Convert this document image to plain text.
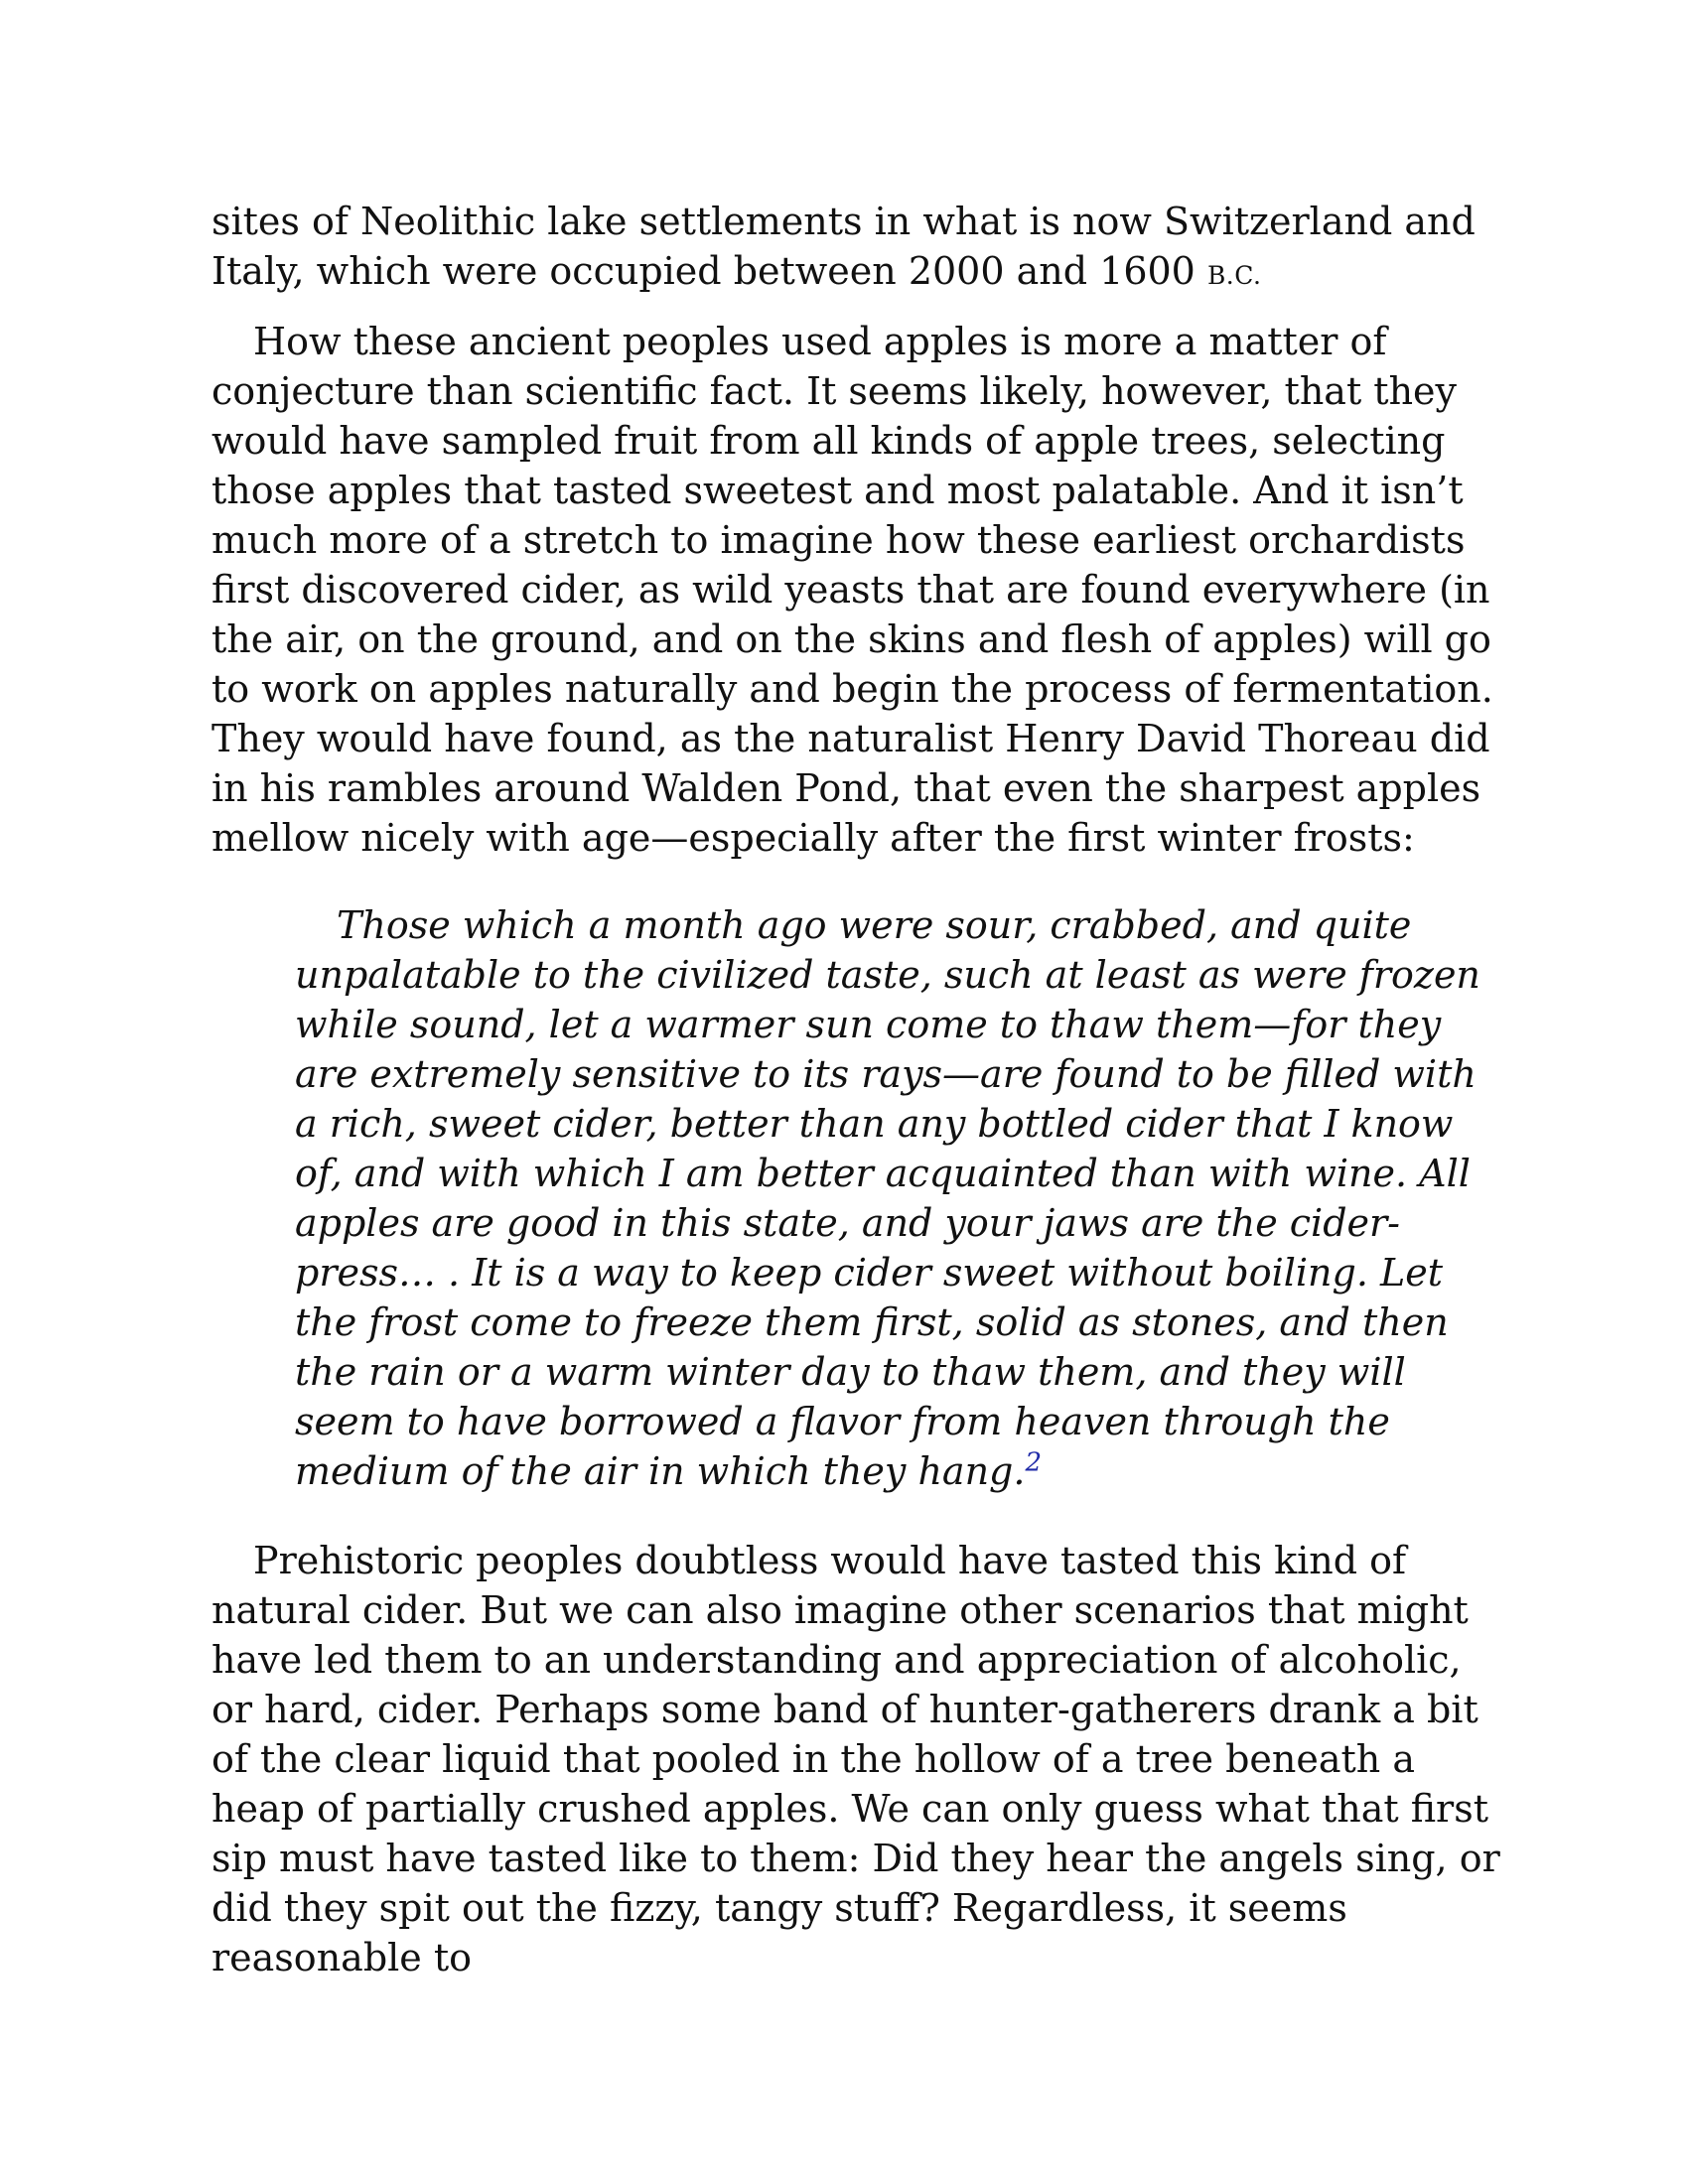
sites of Neolithic lake settlements in what is now Switzerland and Italy, which were occupied between 2000 and 1600 B.C.

How these ancient peoples used apples is more a matter of conjecture than scientific fact. It seems likely, however, that they would have sampled fruit from all kinds of apple trees, selecting those apples that tasted sweetest and most palatable. And it isn’t much more of a stretch to imagine how these earliest orchardists first discovered cider, as wild yeasts that are found everywhere (in the air, on the ground, and on the skins and flesh of apples) will go to work on apples naturally and begin the process of fermentation. They would have found, as the naturalist Henry David Thoreau did in his rambles around Walden Pond, that even the sharpest apples mellow nicely with age—especially after the first winter frosts:

Those which a month ago were sour, crabbed, and quite unpalatable to the civilized taste, such at least as were frozen while sound, let a warmer sun come to thaw them—for they are extremely sensitive to its rays—are found to be filled with a rich, sweet cider, better than any bottled cider that I know of, and with which I am better acquainted than with wine. All apples are good in this state, and your jaws are the cider-press… . It is a way to keep cider sweet without boiling. Let the frost come to freeze them first, solid as stones, and then the rain or a warm winter day to thaw them, and they will seem to have borrowed a flavor from heaven through the medium of the air in which they hang.$^2$

Prehistoric peoples doubtless would have tasted this kind of natural cider. But we can also imagine other scenarios that might have led them to an understanding and appreciation of alcoholic, or hard, cider. Perhaps some band of hunter-gatherers drank a bit of the clear liquid that pooled in the hollow of a tree beneath a heap of partially crushed apples. We can only guess what that first sip must have tasted like to them: Did they hear the angels sing, or did they spit out the fizzy, tangy stuff? Regardless, it seems reasonable to
